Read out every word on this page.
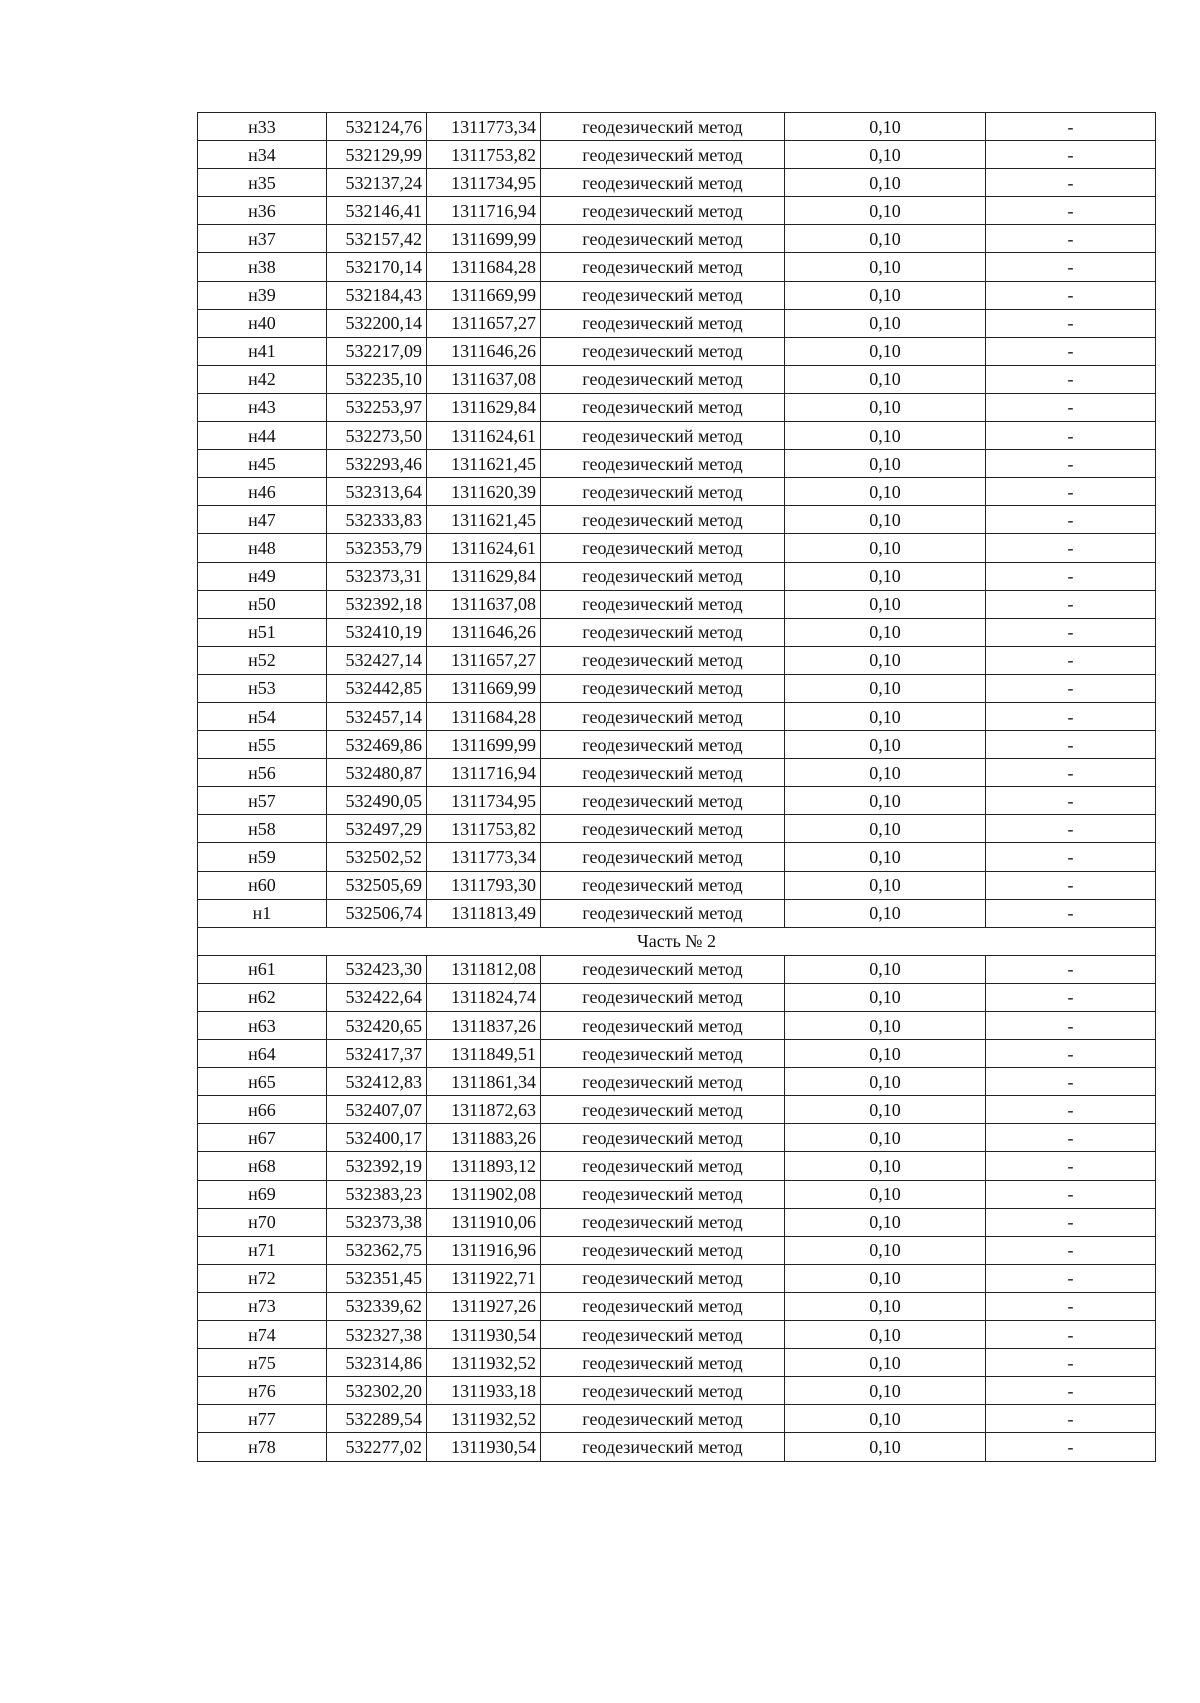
н33	532124,76	1311773,34	геодезический метод	0,10	-
н34	532129,99	1311753,82	геодезический метод	0,10	-
н35	532137,24	1311734,95	геодезический метод	0,10	-
н36	532146,41	1311716,94	геодезический метод	0,10	-
н37	532157,42	1311699,99	геодезический метод	0,10	-
н38	532170,14	1311684,28	геодезический метод	0,10	-
н39	532184,43	1311669,99	геодезический метод	0,10	-
н40	532200,14	1311657,27	геодезический метод	0,10	-
н41	532217,09	1311646,26	геодезический метод	0,10	-
н42	532235,10	1311637,08	геодезический метод	0,10	-
н43	532253,97	1311629,84	геодезический метод	0,10	-
н44	532273,50	1311624,61	геодезический метод	0,10	-
н45	532293,46	1311621,45	геодезический метод	0,10	-
н46	532313,64	1311620,39	геодезический метод	0,10	-
н47	532333,83	1311621,45	геодезический метод	0,10	-
н48	532353,79	1311624,61	геодезический метод	0,10	-
н49	532373,31	1311629,84	геодезический метод	0,10	-
н50	532392,18	1311637,08	геодезический метод	0,10	-
н51	532410,19	1311646,26	геодезический метод	0,10	-
н52	532427,14	1311657,27	геодезический метод	0,10	-
н53	532442,85	1311669,99	геодезический метод	0,10	-
н54	532457,14	1311684,28	геодезический метод	0,10	-
н55	532469,86	1311699,99	геодезический метод	0,10	-
н56	532480,87	1311716,94	геодезический метод	0,10	-
н57	532490,05	1311734,95	геодезический метод	0,10	-
н58	532497,29	1311753,82	геодезический метод	0,10	-
н59	532502,52	1311773,34	геодезический метод	0,10	-
н60	532505,69	1311793,30	геодезический метод	0,10	-
н1	532506,74	1311813,49	геодезический метод	0,10	-
Часть № 2					
н61	532423,30	1311812,08	геодезический метод	0,10	-
н62	532422,64	1311824,74	геодезический метод	0,10	-
н63	532420,65	1311837,26	геодезический метод	0,10	-
н64	532417,37	1311849,51	геодезический метод	0,10	-
н65	532412,83	1311861,34	геодезический метод	0,10	-
н66	532407,07	1311872,63	геодезический метод	0,10	-
н67	532400,17	1311883,26	геодезический метод	0,10	-
н68	532392,19	1311893,12	геодезический метод	0,10	-
н69	532383,23	1311902,08	геодезический метод	0,10	-
н70	532373,38	1311910,06	геодезический метод	0,10	-
н71	532362,75	1311916,96	геодезический метод	0,10	-
н72	532351,45	1311922,71	геодезический метод	0,10	-
н73	532339,62	1311927,26	геодезический метод	0,10	-
н74	532327,38	1311930,54	геодезический метод	0,10	-
н75	532314,86	1311932,52	геодезический метод	0,10	-
н76	532302,20	1311933,18	геодезический метод	0,10	-
н77	532289,54	1311932,52	геодезический метод	0,10	-
н78	532277,02	1311930,54	геодезический метод	0,10	-
